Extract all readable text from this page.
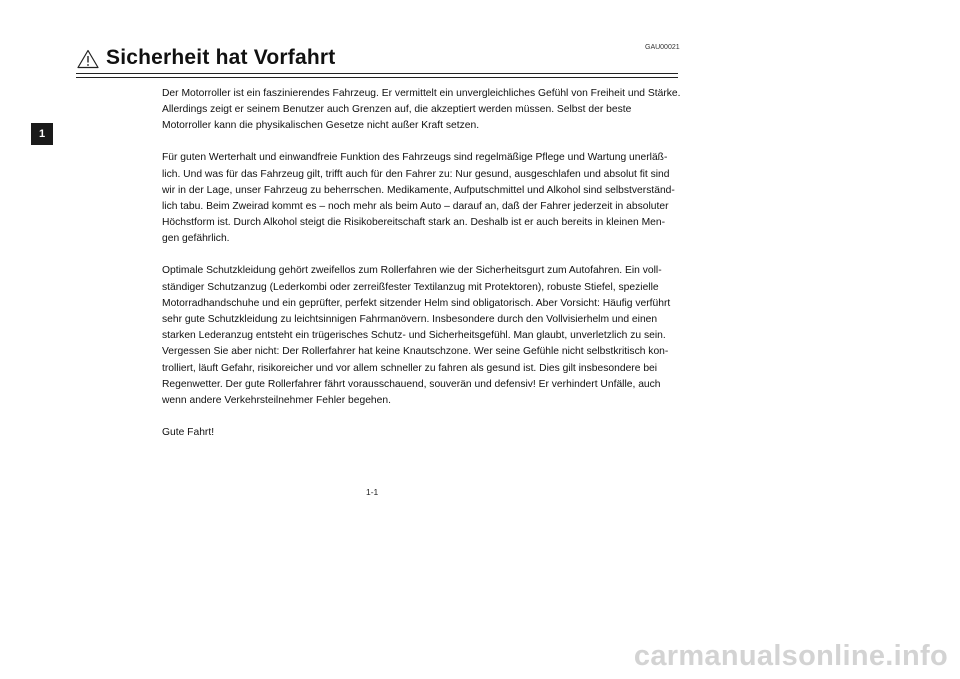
GAU00021
Sicherheit hat Vorfahrt
1

Der Motorroller ist ein faszinierendes Fahrzeug. Er vermittelt ein unvergleichliches Gefühl von Freiheit und Stärke. Allerdings zeigt er seinem Benutzer auch Grenzen auf, die akzeptiert werden müssen. Selbst der beste Motorroller kann die physikalischen Gesetze nicht außer Kraft setzen.

Für guten Werterhalt und einwandfreie Funktion des Fahrzeugs sind regelmäßige Pflege und Wartung unerläß-lich. Und was für das Fahrzeug gilt, trifft auch für den Fahrer zu: Nur gesund, ausgeschlafen und absolut fit sind wir in der Lage, unser Fahrzeug zu beherrschen. Medikamente, Aufputschmittel und Alkohol sind selbstverständ-lich tabu. Beim Zweirad kommt es – noch mehr als beim Auto – darauf an, daß der Fahrer jederzeit in absoluter Höchstform ist. Durch Alkohol steigt die Risikobereitschaft stark an. Deshalb ist er auch bereits in kleinen Men-gen gefährlich.

Optimale Schutzkleidung gehört zweifellos zum Rollerfahren wie der Sicherheitsgurt zum Autofahren. Ein voll-ständiger Schutzanzug (Lederkombi oder zerreißfester Textilanzug mit Protektoren), robuste Stiefel, spezielle Motorradhandschuhe und ein geprüfter, perfekt sitzender Helm sind obligatorisch. Aber Vorsicht: Häufig verführt sehr gute Schutzkleidung zu leichtsinnigen Fahrmanövern. Insbesondere durch den Vollvisierhelm und einen starken Lederanzug entsteht ein trügerisches Schutz- und Sicherheitsgefühl. Man glaubt, unverletzlich zu sein. Vergessen Sie aber nicht: Der Rollerfahrer hat keine Knautschzone. Wer seine Gefühle nicht selbstkritisch kon-trolliert, läuft Gefahr, risikoreicher und vor allem schneller zu fahren als gesund ist. Dies gilt insbesondere bei Regenwetter. Der gute Rollerfahrer fährt vorausschauend, souverän und defensiv! Er verhindert Unfälle, auch wenn andere Verkehrsteilnehmer Fehler begehen.

Gute Fahrt!

1-1
carmanualsonline.info
